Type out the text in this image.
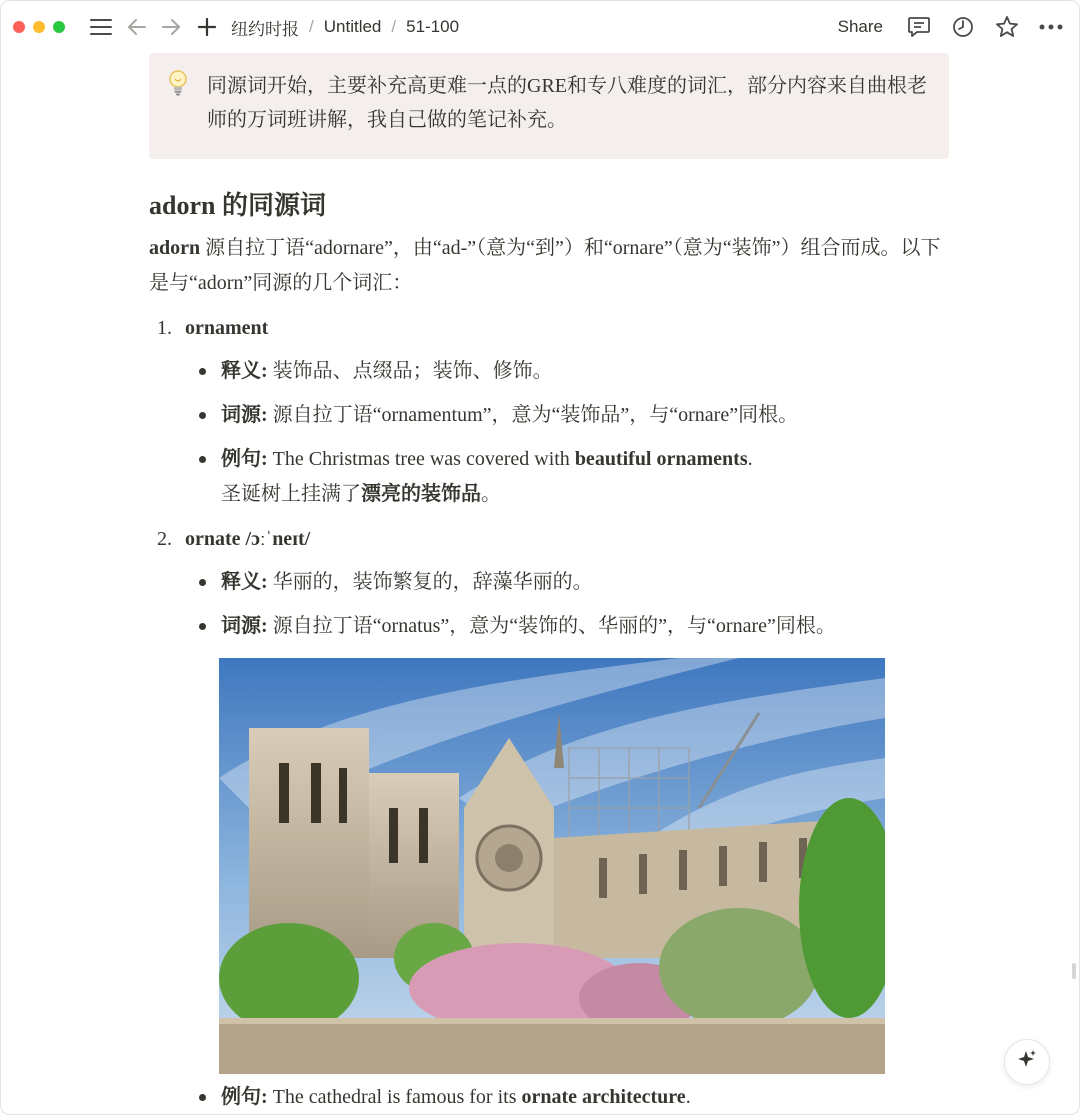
纽约时报 / Untitled / 51-100	Share
同源词开始，主要补充高更难一点的GRE和专八难度的词汇，部分内容来自曲根老师的万词班讲解，我自己做的笔记补充。
adorn 的同源词
adorn 源自拉丁语“adornare”，由“ad-”（意为“到”）和“ornare”（意为“装饰”）组合而成。以下是与“adorn”同源的几个词汇：
1. ornament
释义: 装饰品、点缀品；装饰、修饰。
词源: 源自拉丁语“ornamentum”，意为“装饰品”，与“ornare”同根。
例句: The Christmas tree was covered with beautiful ornaments.
圣诞树上挂满了漂亮的装饰品。
2. ornate /ɔːˈneɪt/
释义: 华丽的，装饰繁复的，辞藻华丽的。
词源: 源自拉丁语“ornatus”，意为“装饰的、华丽的”，与“ornare”同根。
例句: The cathedral is famous for its ornate architecture.
